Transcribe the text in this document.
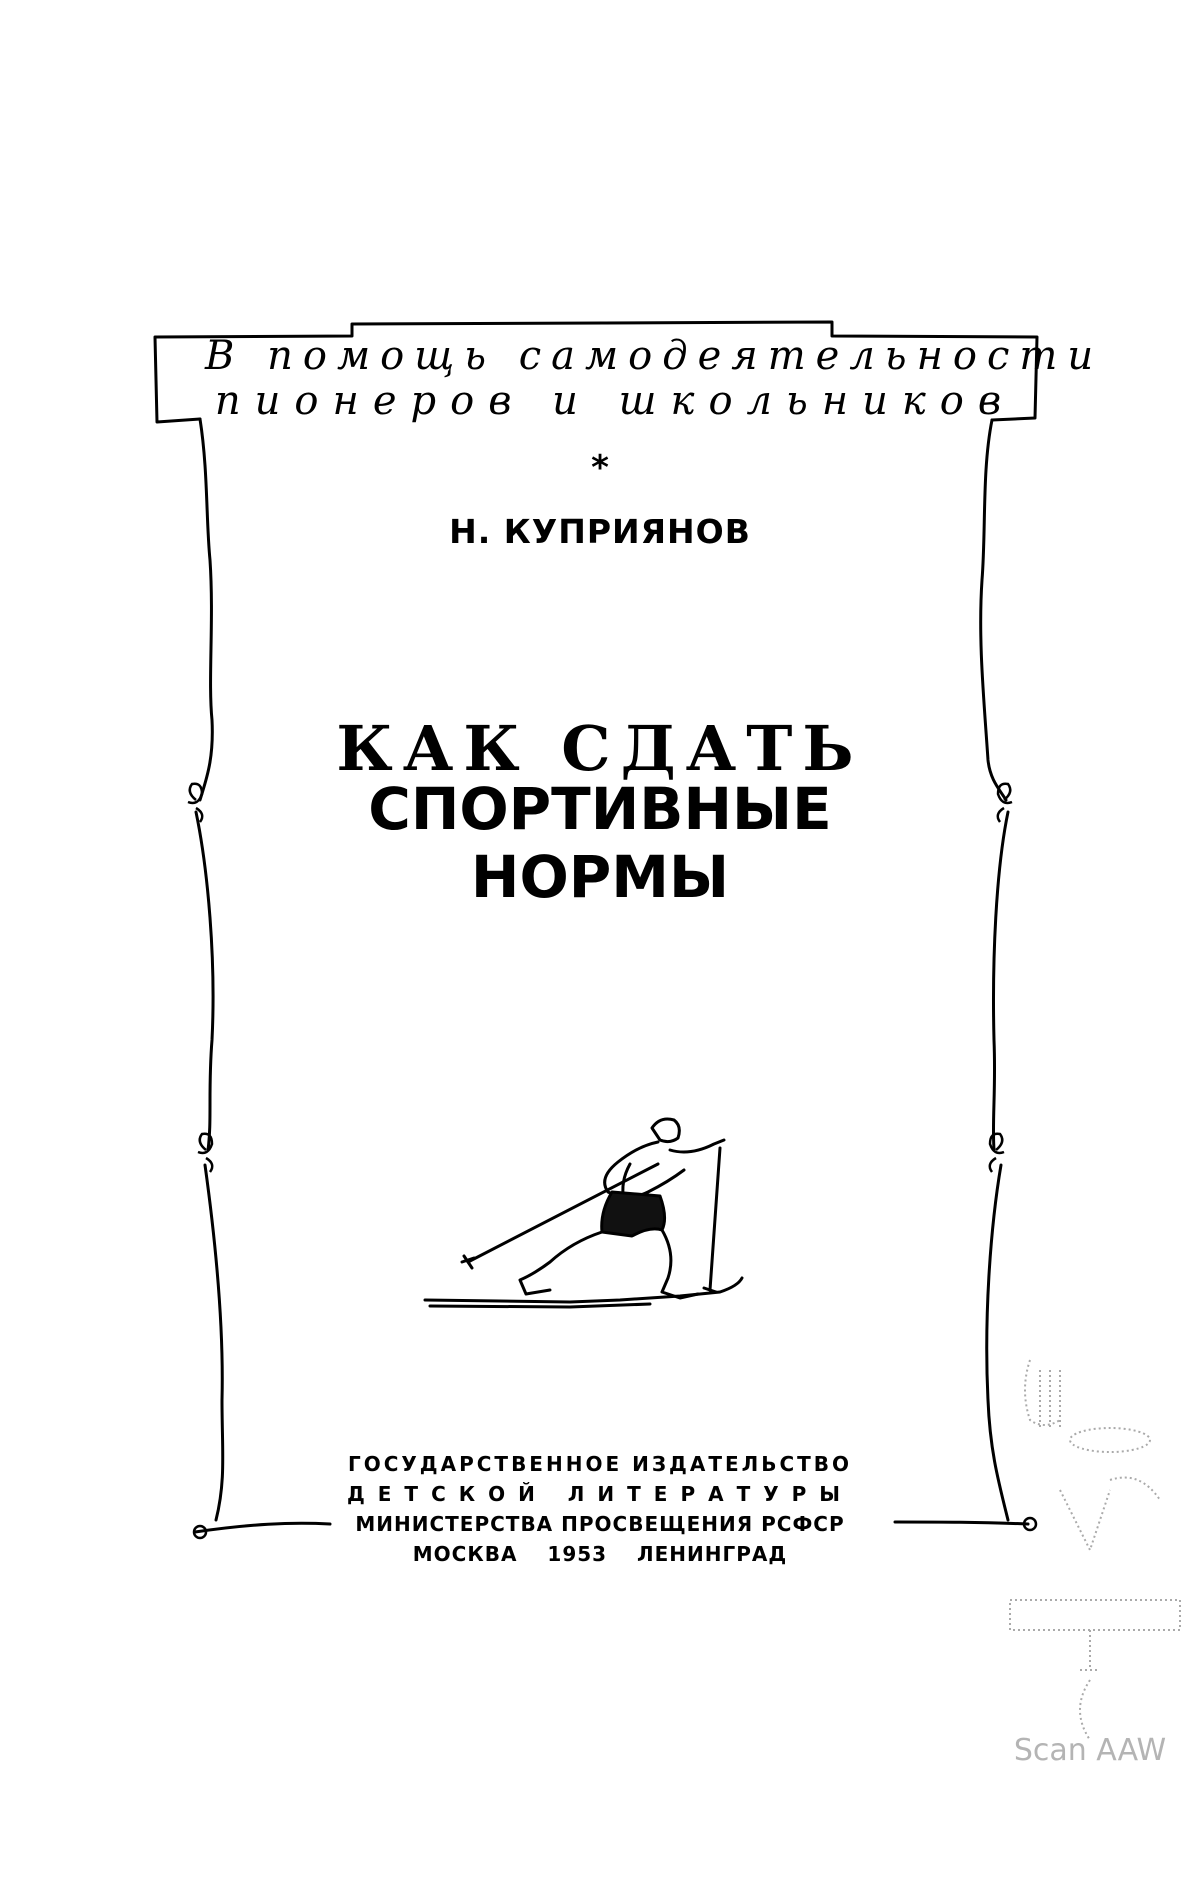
В помощь самодеятельности
пионеров и школьников
*
Н. КУПРИЯНОВ
КАК СДАТЬ
СПОРТИВНЫЕ
НОРМЫ
ГОСУДАРСТВЕННОЕ ИЗДАТЕЛЬСТВО
ДЕТСКОЙ ЛИТЕРАТУРЫ
МИНИСТЕРСТВА ПРОСВЕЩЕНИЯ РСФСР
МОСКВА 1953 ЛЕНИНГРАД
Scan AAW
